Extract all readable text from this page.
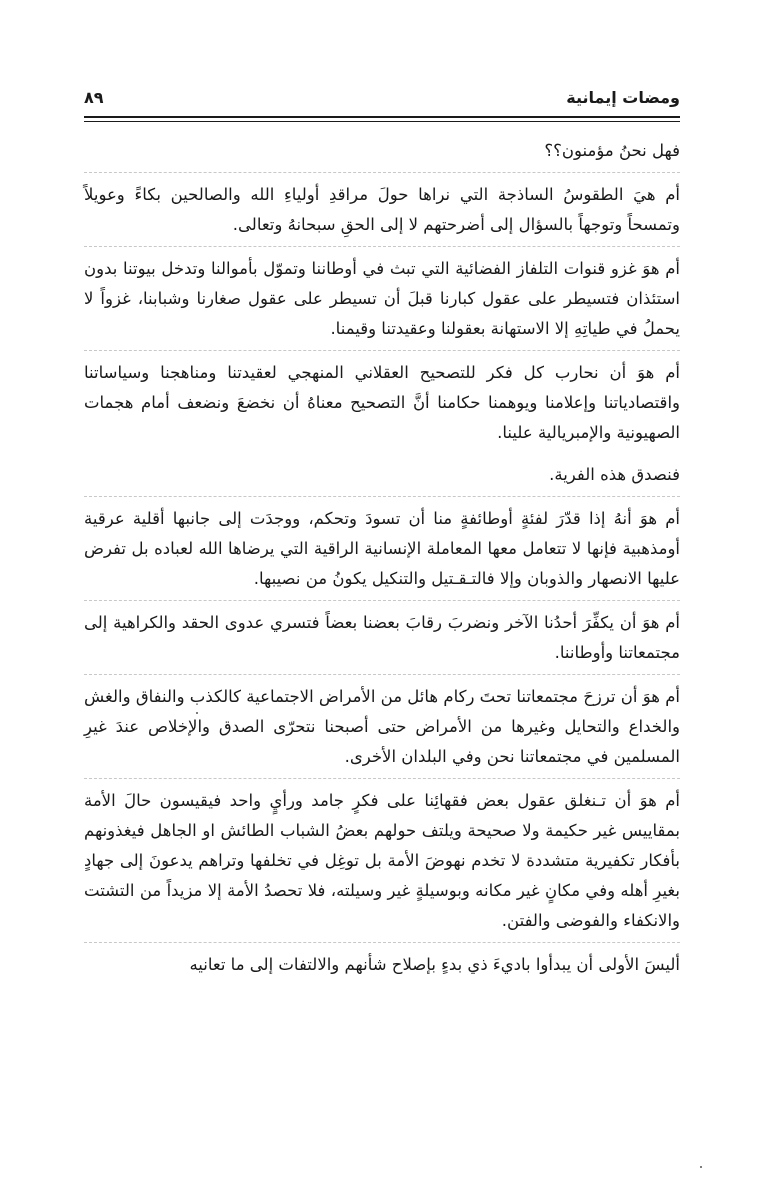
ومضات إيمانية
٨٩

فهل نحنُ مؤمنون؟؟

أم هيَ الطقوسُ الساذجة التي نراها حولَ مراقدِ أولياءِ الله والصالحين بكاءً وعويلاً وتمسحاً وتوجهاً بالسؤال إلى أضرحتهم لا إلى الحقِ سبحانهُ وتعالى.

أم هوَ غزو قنوات التلفاز الفضائية التي تبث في أوطاننا وتموّل بأموالنا وتدخل بيوتنا بدون استئذان فتسيطر على عقول كبارنا قبلَ أن تسيطر على عقول صغارنا وشبابنا، غزواً لا يحملُ في طياتِهِ إلا الاستهانة بعقولنا وعقيدتنا وقيمنا.

أم هوَ أن نحارب كل فكر للتصحيح العقلاني المنهجي لعقيدتنا ومناهجنا وسياساتنا واقتصادياتنا وإعلامنا ويوهمنا حكامنا أنَّ التصحيح معناهُ أن نخضعَ ونضعف أمام هجمات الصهيونية والإمبريالية علينا.

فنصدق هذه الفرية.

أم هوَ أنهُ إذا قدّرَ لفئةٍ أوطائفةٍ منا أن تسودَ وتحكم، ووجدَت إلى جانبها أقلية عرقية أومذهبية فإنها لا تتعامل معها المعاملة الإنسانية الراقية التي يرضاها الله لعباده بل تفرض عليها الانصهار والذوبان وإلا فالتـقـتيل والتنكيل يكونُ من نصيبها.

أم هوَ أن يكفِّرَ أحدُنا الآخر ونضربَ رقابَ بعضنا بعضاً فتسري عدوى الحقد والكراهية إلى مجتمعاتنا وأوطاننا.

أم هوَ أن ترزحَ مجتمعاتنا تحتَ ركام هائل من الأمراض الاجتماعية كالكذب والنفاق والغش والخداع والتحايل وغيرها من الأمراض حتى أصبحنا نتحرّى الصدق والإخلاص عندَ غيرِ المسلمين في مجتمعاتنا نحن وفي البلدان الأخرى.

أم هوَ أن تـنغلق عقول بعض فقهائِنا على فكرٍ جامد ورأيٍ واحد فيقيسون حالَ الأمة بمقاييس غير حكيمة ولا صحيحة ويلتف حولهم بعضُ الشباب الطائش او الجاهل فيغذونهم بأفكار تكفيرية متشددة لا تخدم نهوضَ الأمة بل توغِل في تخلفها وتراهم يدعونَ إلى جهادٍ بغيرِ أهله وفي مكانٍ غير مكانه وبوسيلةٍ غير وسيلته، فلا تحصدُ الأمة إلا مزيداً من التشتت والانكفاء والفوضى والفتن.

أليسَ الأولى أن يبدأوا باديءَ ذي بدءٍ بإصلاح شأنهم والالتفات إلى ما تعانيه
